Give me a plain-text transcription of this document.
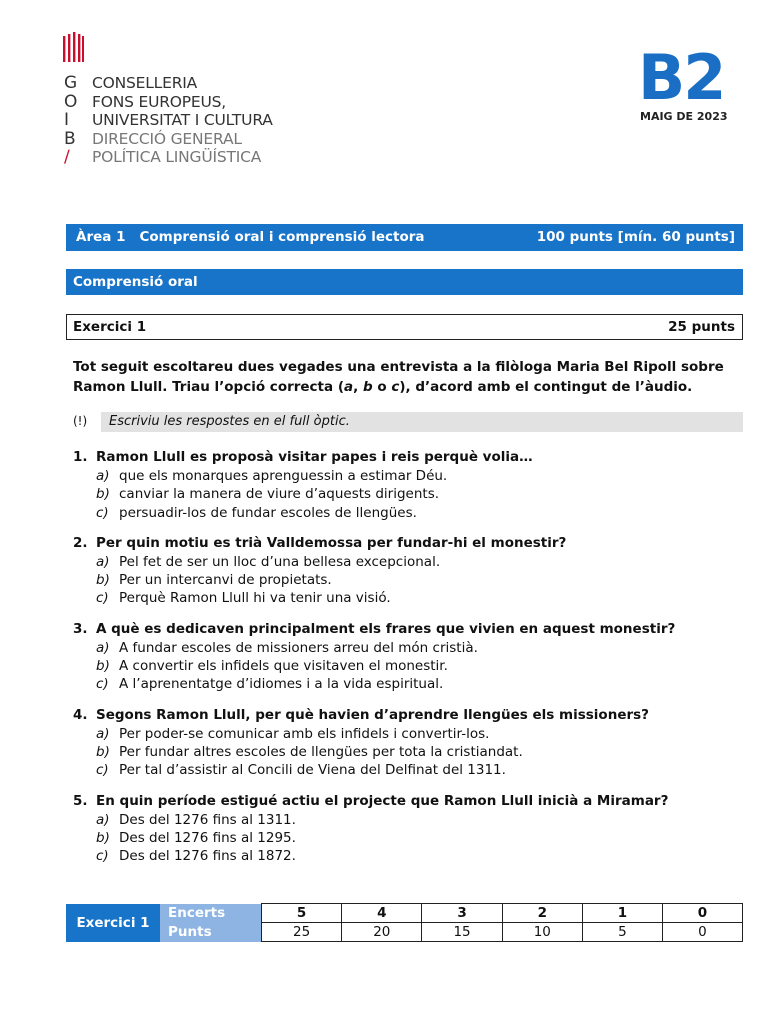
G
O
I
B
∕
CONSELLERIA
FONS EUROPEUS,
UNIVERSITAT I CULTURA
DIRECCIÓ GENERAL
POLÍTICA LINGÜÍSTICA
B2
MAIG DE 2023
Àrea 1 Comprensió oral i comprensió lectora	100 punts [mín. 60 punts]
Comprensió oral
Exercici 1	25 punts
Tot seguit escoltareu dues vegades una entrevista a la filòloga Maria Bel Ripoll sobre Ramon Llull. Triau l’opció correcta (a, b o c), d’acord amb el contingut de l’àudio.
(!)	Escriviu les respostes en el full òptic.
1. Ramon Llull es proposà visitar papes i reis perquè volia…
a) que els monarques aprenguessin a estimar Déu.
b) canviar la manera de viure d’aquests dirigents.
c) persuadir-los de fundar escoles de llengües.
2. Per quin motiu es trià Valldemossa per fundar-hi el monestir?
a) Pel fet de ser un lloc d’una bellesa excepcional.
b) Per un intercanvi de propietats.
c) Perquè Ramon Llull hi va tenir una visió.
3. A què es dedicaven principalment els frares que vivien en aquest monestir?
a) A fundar escoles de missioners arreu del món cristià.
b) A convertir els infidels que visitaven el monestir.
c) A l’aprenentatge d’idiomes i a la vida espiritual.
4. Segons Ramon Llull, per què havien d’aprendre llengües els missioners?
a) Per poder-se comunicar amb els infidels i convertir-los.
b) Per fundar altres escoles de llengües per tota la cristiandat.
c) Per tal d’assistir al Concili de Viena del Delfinat del 1311.
5. En quin període estigué actiu el projecte que Ramon Llull inicià a Miramar?
a) Des del 1276 fins al 1311.
b) Des del 1276 fins al 1295.
c) Des del 1276 fins al 1872.
Exercici 1	Encerts	5	4	3	2	1	0
	Punts	25	20	15	10	5	0
